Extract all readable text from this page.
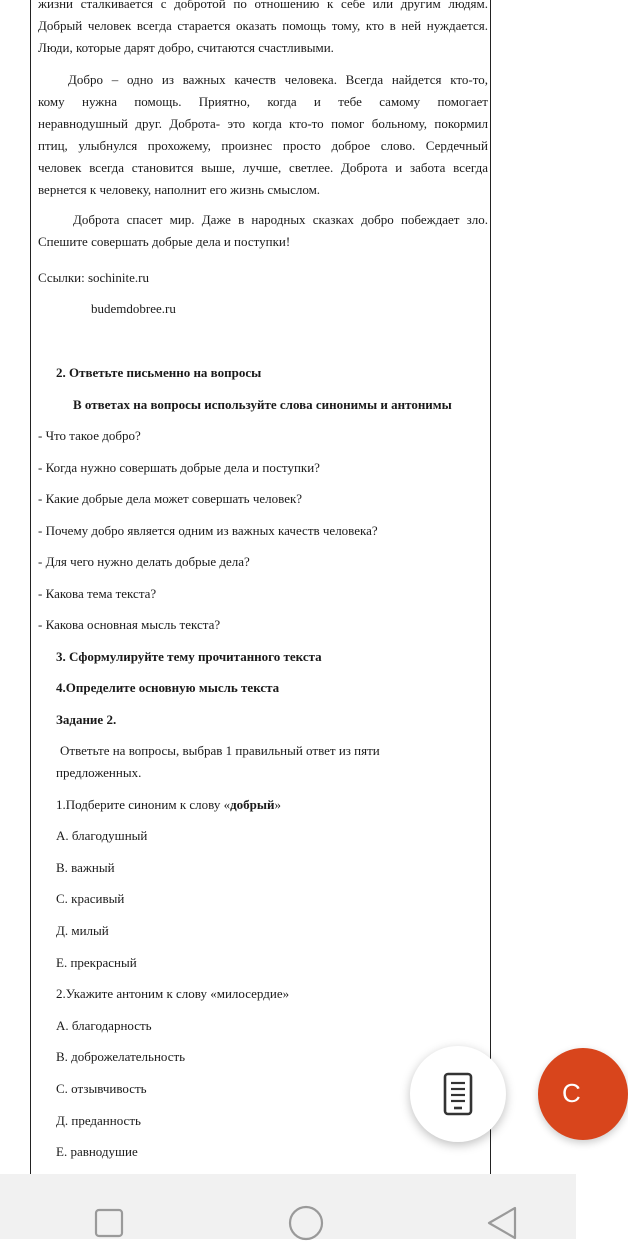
жизни сталкивается с добротой по отношению к себе или другим людям.

Добрый человек всегда старается оказать помощь тому, кто в ней нуждается.

Люди, которые дарят добро, считаются счастливыми.

Добро – одно из важных качеств человека. Всегда найдется кто-то,

кому нужна помощь. Приятно, когда и тебе самому помогает

неравнодушный друг. Доброта- это когда кто-то помог больному, покормил

птиц, улыбнулся прохожему, произнес просто доброе слово. Сердечный

человек всегда становится выше, лучше, светлее. Доброта и забота всегда

вернется к человеку, наполнит его жизнь смыслом.

Доброта спасет мир. Даже в народных сказках добро побеждает зло.

Спешите совершать добрые дела и поступки!

Ссылки: sochinite.ru
budemdobree.ru
2. Ответьте письменно на вопросы
В ответах на вопросы используйте слова синонимы и антонимы
- Что такое добро?
- Когда нужно совершать добрые дела и поступки?
- Какие добрые дела может совершать человек?
- Почему добро является одним из важных качеств человека?
- Для чего нужно делать добрые дела?
- Какова тема текста?
- Какова основная мысль текста?
3. Сформулируйте тему прочитанного текста
4.Определите основную мысль текста
Задание 2.
Ответьте на вопросы, выбрав 1 правильный ответ из пяти
предложенных.
1.Подберите синоним к слову «добрый»
А. благодушный
В. важный
С. красивый
Д. милый
Е. прекрасный
2.Укажите антоним к слову «милосердие»
А. благодарность
В. доброжелательность
С. отзывчивость
Д. преданность
Е. равнодушие
С
